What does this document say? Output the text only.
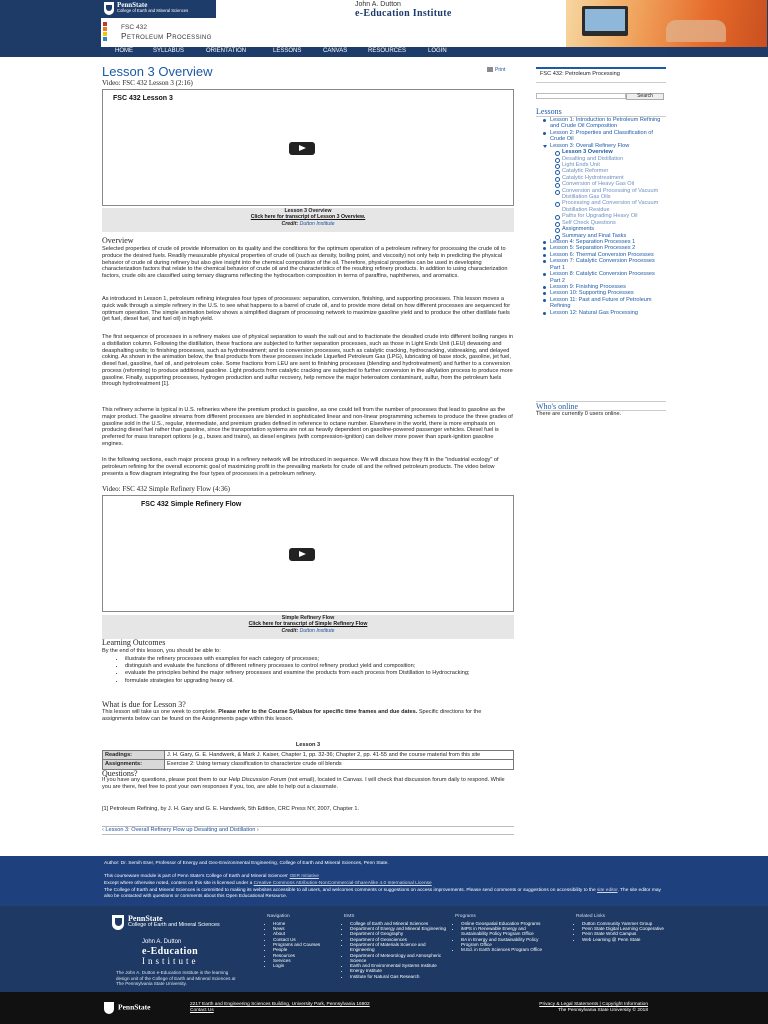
PennState
College of Earth and Mineral Sciences
John A. Dutton
e-Education Institute
FSC 432
Petroleum Processing
HOME	SYLLABUS	ORIENTATION	LESSONS	CANVAS	RESOURCES	LOGIN
Lesson 3 Overview	Print
Video: FSC 432 Lesson 3 (2:16)
FSC 432 Lesson 3
Lesson 3 Overview
Click here for transcript of Lesson 3 Overview.
Credit: Dutton Institute
Overview
Selected properties of crude oil provide information on its quality and the conditions for the optimum operation of a petroleum refinery for processing the crude oil to produce the desired fuels. Readily measurable physical properties of crude oil (such as density, boiling point, and viscosity) not only help in predicting the physical behavior of crude oil during refinery but also give insight into the chemical composition of the oil. Therefore, physical properties can be used in developing characterization factors that relate to the chemical behavior of crude oil and the characteristics of the resulting refinery products. In addition to using characterization factors, crude oils are classified using ternary diagrams reflecting the hydrocarbon composition in terms of paraffins, naphthenes, and aromatics.
As introduced in Lesson 1, petroleum refining integrates four types of processes: separation, conversion, finishing, and supporting processes. This lesson moves a quick walk through a simple refinery in the U.S. to see what happens to a barrel of crude oil, and to provide more detail on how different processes are sequenced for optimum operation. The simple animation below shows a simplified diagram of processing network to maximize gasoline yield and to produce the other distillate fuels (jet fuel, diesel fuel, and fuel oil) in high yield.
The first sequence of processes in a refinery makes use of physical separation to wash the salt out and to fractionate the desalted crude into different boiling ranges in a distillation column. Following the distillation, these fractions are subjected to further separation processes, such as those in Light Ends Unit (LEU) dewaxing and deasphalting units; to finishing processes, such as hydrotreatment; and to conversion processes, such as catalytic cracking, hydrocracking, visbreaking, and delayed coking. As shown in the animation below, the final products from these processes include Liquefied Petroleum Gas (LPG), lubricating oil base stock, gasoline, jet fuel, diesel fuel, gasoline, fuel oil, and petroleum coke. Some fractions from LEU are sent to finishing processes (blending and hydrotreatment) and further to a conversion process (reforming) to produce additional gasoline. Light products from catalytic cracking are subjected to further conversion in the alkylation process to produce more gasoline. Finally, supporting processes, hydrogen production and sulfur recovery, help remove the major heteroatom contaminant, sulfur, from the petroleum fuels through hydrotreatment [1].
This refinery scheme is typical in U.S. refineries where the premium product is gasoline, as one could tell from the number of processes that lead to gasoline as the major product. The gasoline streams from different processes are blended in sophisticated linear and non-linear programming schemes to produce the three grades of gasoline sold in the U.S., regular, intermediate, and premium grades defined in reference to octane number. Elsewhere in the world, there is more emphasis on producing diesel fuel rather than gasoline, since the transportation systems are not as heavily dependent on gasoline-powered passenger vehicles. Diesel fuel is preferred for mass transport options (e.g., buses and trains), as diesel engines (with compression-ignition) can deliver more power than spark-ignition gasoline engines.
In the following sections, each major process group in a refinery network will be introduced in sequence. We will discuss how they fit in the "industrial ecology" of petroleum refining for the overall economic goal of maximizing profit in the prevailing markets for crude oil and the refined petroleum products. The video below presents a flow diagram integrating the four types of processes in a petroleum refinery.
Video: FSC 432 Simple Refinery Flow (4:36)
FSC 432 Simple Refinery Flow
Simple Refinery Flow
Click here for transcript of Simple Refinery Flow
Credit: Dutton Institute
Learning Outcomes
By the end of this lesson, you should be able to:
• illustrate the refinery processes with examples for each category of processes;
• distinguish and evaluate the functions of different refinery processes to control refinery product yield and composition;
• evaluate the principles behind the major refinery processes and examine the products from each process from Distillation to Hydrocracking;
• formulate strategies for upgrading heavy oil.
What is due for Lesson 3?
This lesson will take us one week to complete. Please refer to the Course Syllabus for specific time frames and due dates. Specific directions for the assignments below can be found on the Assignments page within this lesson.
Lesson 3	
Readings:	J. H. Gary, G. E. Handwerk, & Mark J. Kaiser, Chapter 1, pp. 32-36; Chapter 2, pp. 41-55 and the course material from this site
Assignments:	Exercise 2: Using ternary classification to characterize crude oil blends
Questions?
If you have any questions, please post them to our Help Discussion Forum (not email), located in Canvas. I will check that discussion forum daily to respond. While you are there, feel free to post your own responses if you, too, are able to help out a classmate.
[1] Petroleum Refining, by J. H. Gary and G. E. Handwerk, 5th Edition, CRC Press NY, 2007, Chapter 1.
‹ Lesson 3: Overall Refinery Flow up Desalting and Distillation ›
FSC 432: Petroleum Processing
Search
Lessons
Lesson 1: Introduction to Petroleum Refining and Crude Oil Composition
Lesson 2: Properties and Classification of Crude Oil
Lesson 3: Overall Refinery Flow
Lesson 3 Overview
Desalting and Distillation
Light Ends Unit
Catalytic Reformer
Catalytic Hydrotreatment
Conversion of Heavy Gas Oil
Conversion and Processing of Vacuum Distillation Gas Oils
Processing and Conversion of Vacuum Distillation Residue
Paths for Upgrading Heavy Oil
Self Check Questions
Assignments
Summary and Final Tasks
Lesson 4: Separation Processes 1
Lesson 5: Separation Processes 2
Lesson 6: Thermal Conversion Processes
Lesson 7: Catalytic Conversion Processes Part 1
Lesson 8: Catalytic Conversion Processes Part 2
Lesson 9: Finishing Processes
Lesson 10: Supporting Processes
Lesson 11: Past and Future of Petroleum Refining
Lesson 12: Natural Gas Processing
Who's online
There are currently 0 users online.
Author: Dr. Semih Eser, Professor of Energy and Geo-Environmental Engineering, College of Earth and Mineral Sciences, Penn State.
This courseware module is part of Penn State's College of Earth and Mineral Sciences' OER Initiative
Except where otherwise noted, content on this site is licensed under a Creative Commons Attribution-NonCommercial-ShareAlike 4.0 International License
The College of Earth and Mineral Sciences is committed to making its websites accessible to all users, and welcomes comments or suggestions on access improvements. Please send comments or suggestions on accessibility to the site editor. The site editor may also be contacted with questions or comments about this Open Educational Resource.
PennState
College of Earth and Mineral Sciences
John A. Dutton
e-Education
Institute
The John A. Dutton e-Education Institute is the learning design unit of the College of Earth and Mineral Sciences at The Pennsylvania State University.
Navigation
• Home
• News
• About
• Contact Us
• Programs and Courses
• People
• Resources
• Services
• Login
EMS
• College of Earth and Mineral Sciences
• Department of Energy and Mineral Engineering
• Department of Geography
• Department of Geosciences
• Department of Materials Science and Engineering
• Department of Meteorology and Atmospheric Science
• Earth and Environmental Systems Institute
• Energy Institute
• Institute for Natural Gas Research
Programs
• Online Geospatial Education Programs
• iMPS in Renewable Energy and Sustainability Policy Program Office
• BA in Energy and Sustainability Policy Program Office
• M.Ed. in Earth Sciences Program Office
Related Links
• Dutton Community Yammer Group
• Penn State Digital Learning Cooperative
• Penn State World Campus
• Web Learning @ Penn State
PennState	2217 Earth and Engineering Sciences Building, University Park, Pennsylvania 16802
Contact Us
Privacy & Legal Statements | Copyright Information
The Pennsylvania State University © 2018
